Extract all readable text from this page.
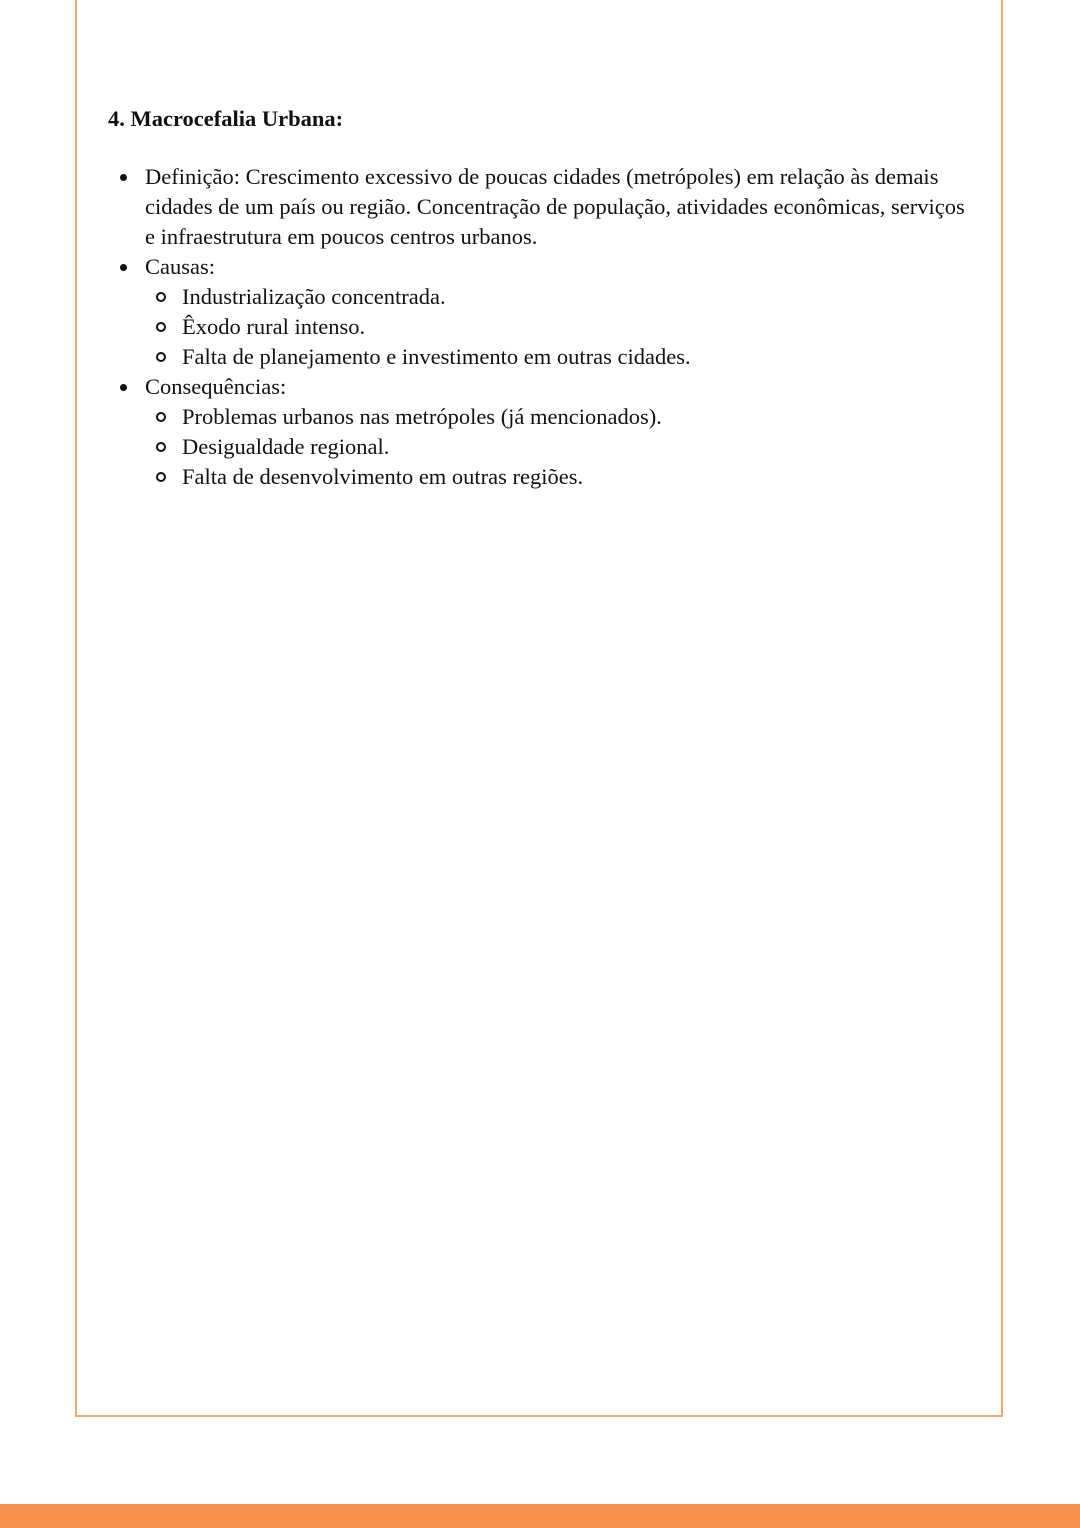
4. Macrocefalia Urbana:
Definição: Crescimento excessivo de poucas cidades (metrópoles) em relação às demais cidades de um país ou região. Concentração de população, atividades econômicas, serviços e infraestrutura em poucos centros urbanos.
Causas:
Industrialização concentrada.
Êxodo rural intenso.
Falta de planejamento e investimento em outras cidades.
Consequências:
Problemas urbanos nas metrópoles (já mencionados).
Desigualdade regional.
Falta de desenvolvimento em outras regiões.
